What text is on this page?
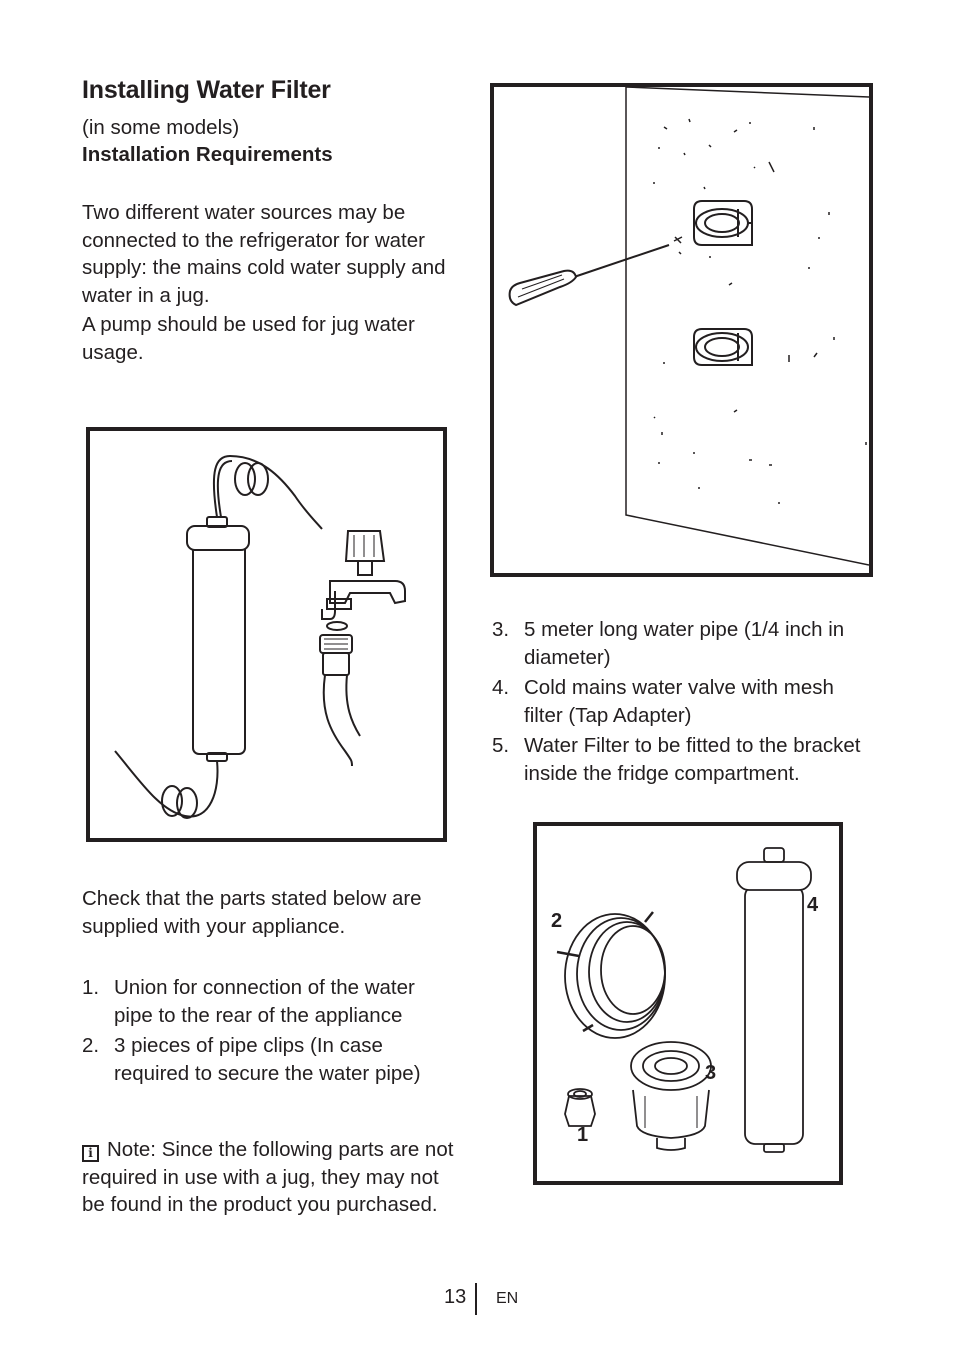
Installing Water Filter
(in some models)
Installation Requirements
Two different water sources may be connected to the refrigerator for water supply: the mains cold water supply and water in a jug.
A pump should be used for jug water usage.
Check that the parts stated below are supplied with your appliance.
1. Union for connection of the water pipe to the rear of the appliance
2. 3 pieces of pipe clips (In case required to secure the water pipe)
i Note: Since the following parts are not required in use with a jug, they may not be found in the product you purchased.
3. 5 meter long water pipe (1/4 inch in diameter)
4. Cold mains water valve with mesh filter (Tap Adapter)
5. Water Filter to be fitted to the bracket inside the fridge compartment.
2
4
3
1
13 EN
